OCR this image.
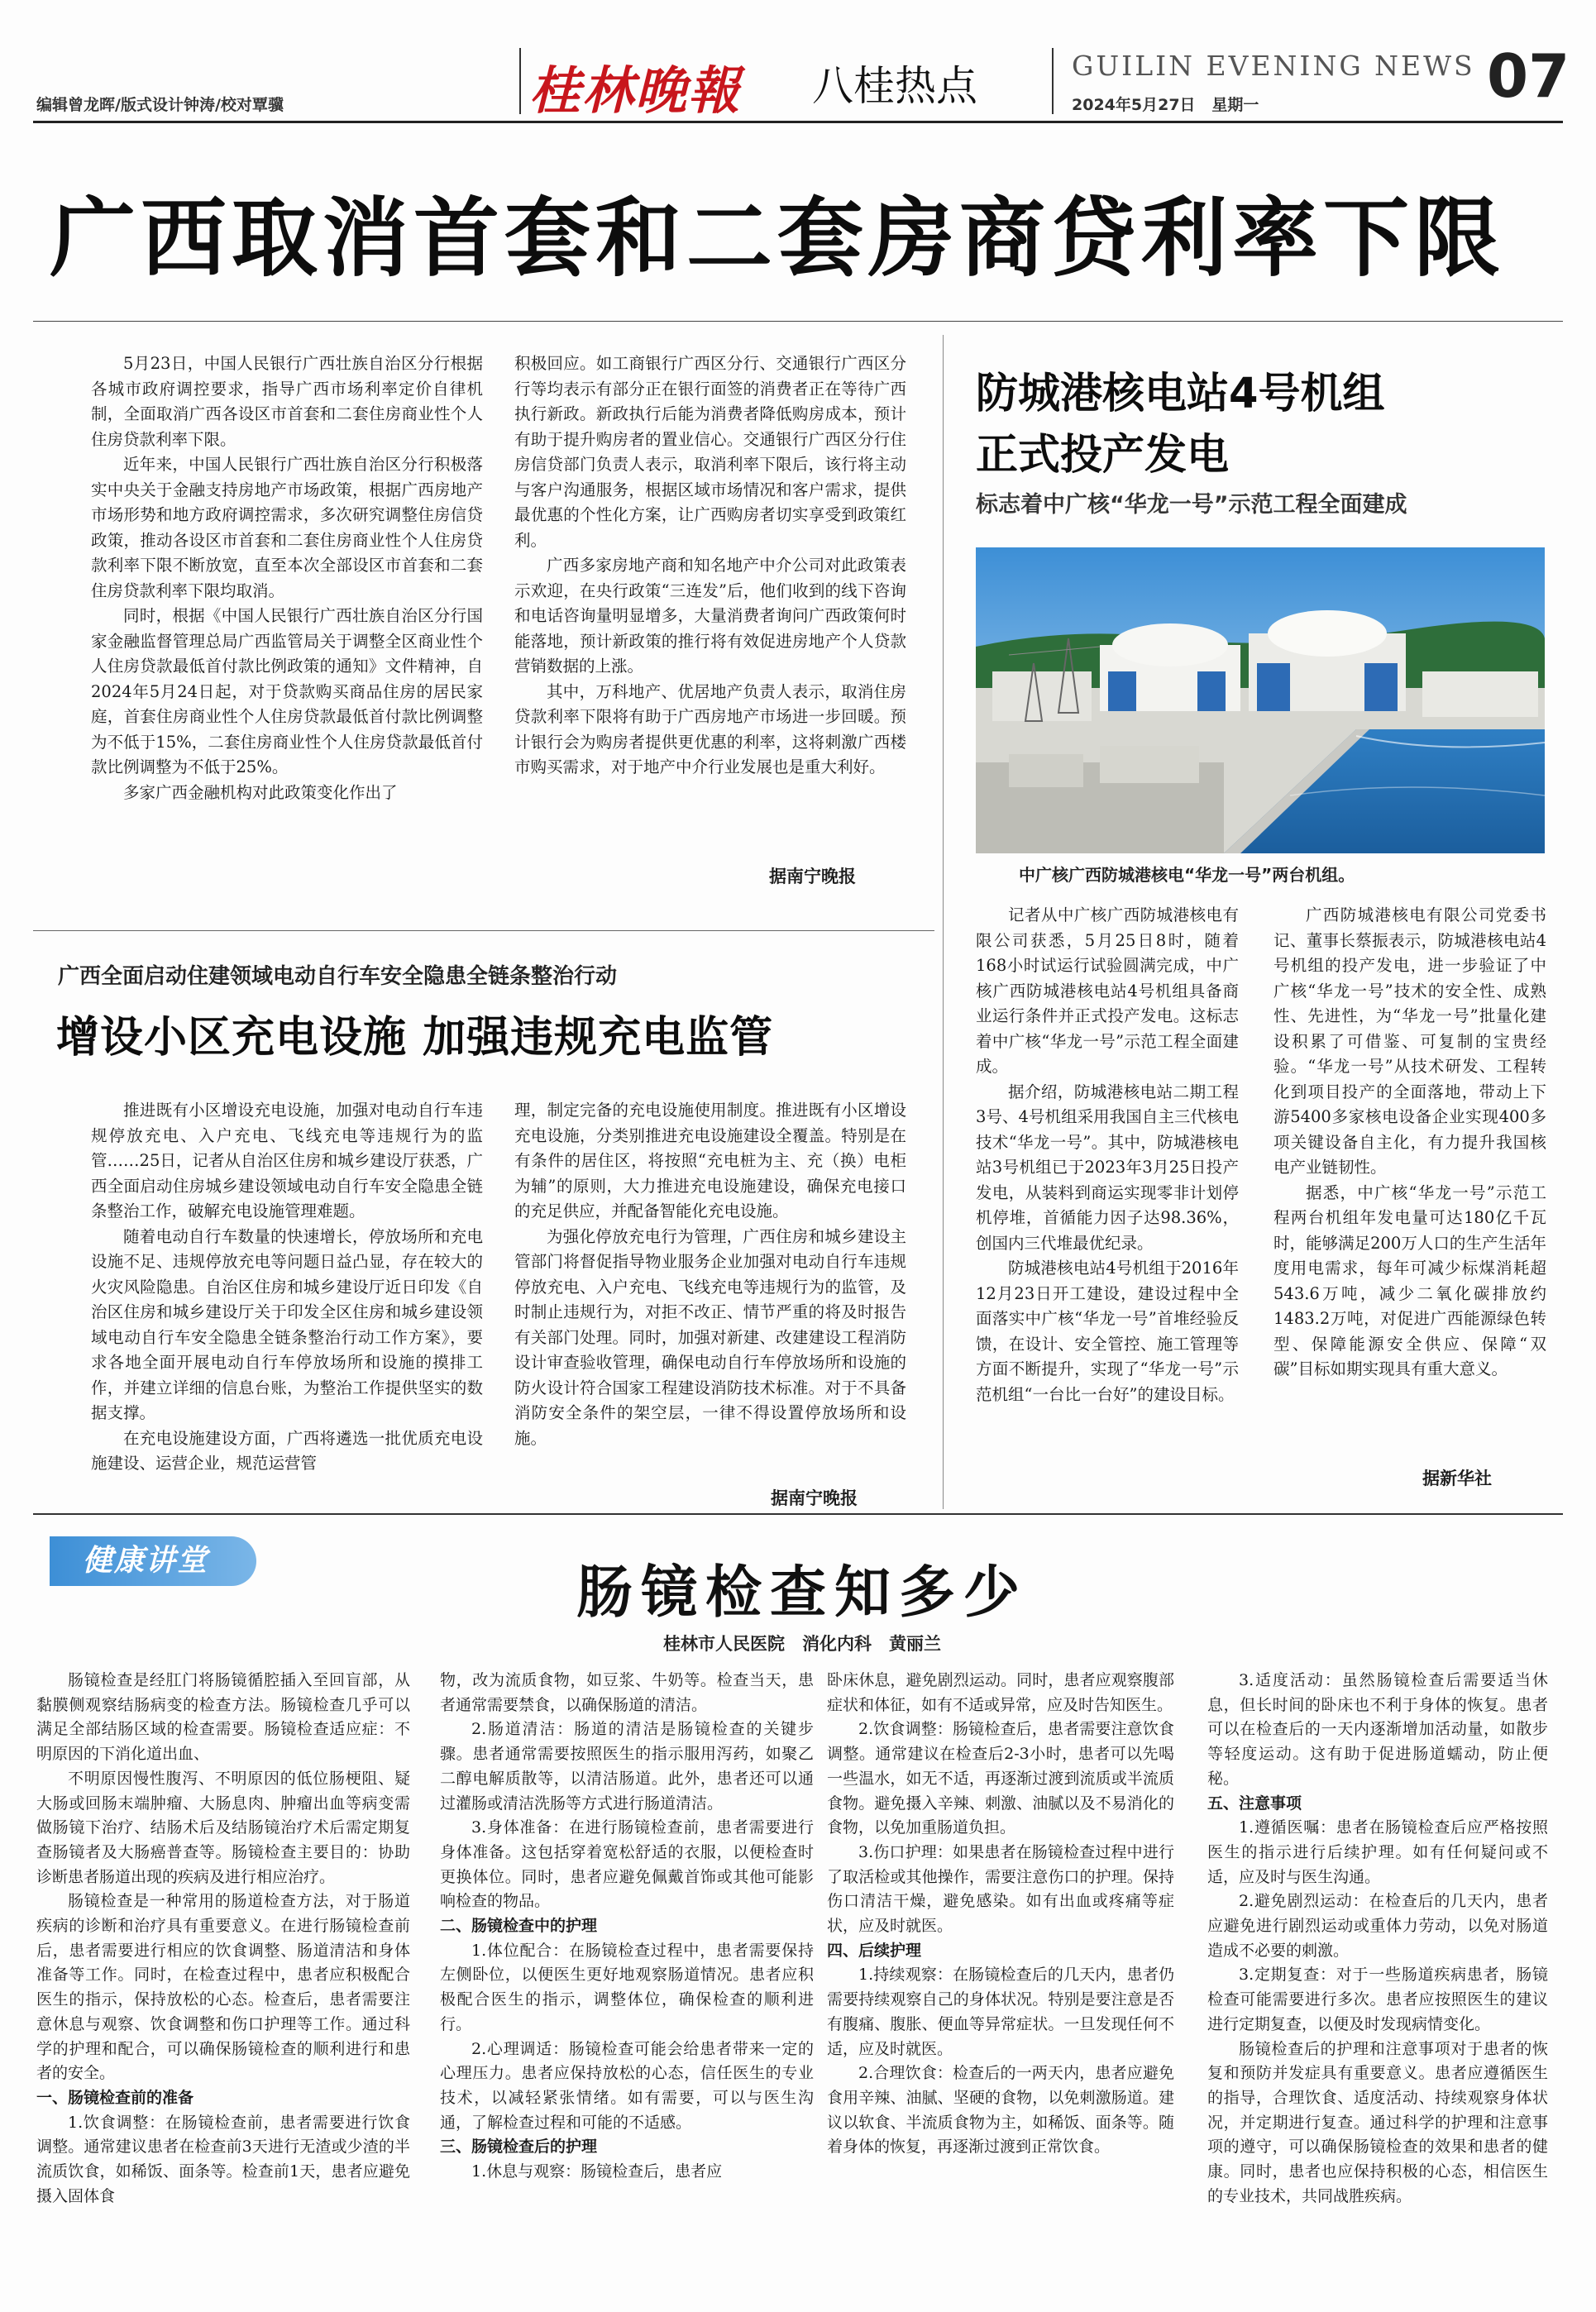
编辑曾龙晖/版式设计钟涛/校对覃骥	桂林晚報 八桂热点	GUILIN EVENING NEWS
2024年5月27日 星期一	07
广西取消首套和二套房商贷利率下限

5月23日，中国人民银行广西壮族自治区分行根据各城市政府调控要求，指导广西市场利率定价自律机制，全面取消广西各设区市首套和二套住房商业性个人住房贷款利率下限。

近年来，中国人民银行广西壮族自治区分行积极落实中央关于金融支持房地产市场政策，根据广西房地产市场形势和地方政府调控需求，多次研究调整住房信贷政策，推动各设区市首套和二套住房商业性个人住房贷款利率下限不断放宽，直至本次全部设区市首套和二套住房贷款利率下限均取消。

同时，根据《中国人民银行广西壮族自治区分行国家金融监督管理总局广西监管局关于调整全区商业性个人住房贷款最低首付款比例政策的通知》文件精神，自2024年5月24日起，对于贷款购买商品住房的居民家庭，首套住房商业性个人住房贷款最低首付款比例调整为不低于15%，二套住房商业性个人住房贷款最低首付款比例调整为不低于25%。

多家广西金融机构对此政策变化作出了

积极回应。如工商银行广西区分行、交通银行广西区分行等均表示有部分正在银行面签的消费者正在等待广西执行新政。新政执行后能为消费者降低购房成本，预计有助于提升购房者的置业信心。交通银行广西区分行住房信贷部门负责人表示，取消利率下限后，该行将主动与客户沟通服务，根据区域市场情况和客户需求，提供最优惠的个性化方案，让广西购房者切实享受到政策红利。

广西多家房地产商和知名地产中介公司对此政策表示欢迎，在央行政策“三连发”后，他们收到的线下咨询和电话咨询量明显增多，大量消费者询问广西政策何时能落地，预计新政策的推行将有效促进房地产个人贷款营销数据的上涨。

其中，万科地产、优居地产负责人表示，取消住房贷款利率下限将有助于广西房地产市场进一步回暖。预计银行会为购房者提供更优惠的利率，这将刺激广西楼市购买需求，对于地产中介行业发展也是重大利好。

据南宁晚报
广西全面启动住建领域电动自行车安全隐患全链条整治行动
增设小区充电设施 加强违规充电监管

推进既有小区增设充电设施，加强对电动自行车违规停放充电、入户充电、飞线充电等违规行为的监管……25日，记者从自治区住房和城乡建设厅获悉，广西全面启动住房城乡建设领域电动自行车安全隐患全链条整治工作，破解充电设施管理难题。

随着电动自行车数量的快速增长，停放场所和充电设施不足、违规停放充电等问题日益凸显，存在较大的火灾风险隐患。自治区住房和城乡建设厅近日印发《自治区住房和城乡建设厅关于印发全区住房和城乡建设领域电动自行车安全隐患全链条整治行动工作方案》，要求各地全面开展电动自行车停放场所和设施的摸排工作，并建立详细的信息台账，为整治工作提供坚实的数据支撑。

在充电设施建设方面，广西将遴选一批优质充电设施建设、运营企业，规范运营管

理，制定完备的充电设施使用制度。推进既有小区增设充电设施，分类别推进充电设施建设全覆盖。特别是在有条件的居住区，将按照“充电桩为主、充（换）电柜为辅”的原则，大力推进充电设施建设，确保充电接口的充足供应，并配备智能化充电设施。

为强化停放充电行为管理，广西住房和城乡建设主管部门将督促指导物业服务企业加强对电动自行车违规停放充电、入户充电、飞线充电等违规行为的监管，及时制止违规行为，对拒不改正、情节严重的将及时报告有关部门处理。同时，加强对新建、改建建设工程消防设计审查验收管理，确保电动自行车停放场所和设施的防火设计符合国家工程建设消防技术标准。对于不具备消防安全条件的架空层，一律不得设置停放场所和设施。

据南宁晚报
防城港核电站4号机组
正式投产发电
标志着中广核“华龙一号”示范工程全面建成
中广核广西防城港核电“华龙一号”两台机组。

记者从中广核广西防城港核电有限公司获悉，5月25日8时，随着168小时试运行试验圆满完成，中广核广西防城港核电站4号机组具备商业运行条件并正式投产发电。这标志着中广核“华龙一号”示范工程全面建成。

据介绍，防城港核电站二期工程3号、4号机组采用我国自主三代核电技术“华龙一号”。其中，防城港核电站3号机组已于2023年3月25日投产发电，从装料到商运实现零非计划停机停堆，首循能力因子达98.36%，创国内三代堆最优纪录。

防城港核电站4号机组于2016年12月23日开工建设，建设过程中全面落实中广核“华龙一号”首堆经验反馈，在设计、安全管控、施工管理等方面不断提升，实现了“华龙一号”示范机组“一台比一台好”的建设目标。

广西防城港核电有限公司党委书记、董事长蔡振表示，防城港核电站4号机组的投产发电，进一步验证了中广核“华龙一号”技术的安全性、成熟性、先进性，为“华龙一号”批量化建设积累了可借鉴、可复制的宝贵经验。“华龙一号”从技术研发、工程转化到项目投产的全面落地，带动上下游5400多家核电设备企业实现400多项关键设备自主化，有力提升我国核电产业链韧性。

据悉，中广核“华龙一号”示范工程两台机组年发电量可达180亿千瓦时，能够满足200万人口的生产生活年度用电需求，每年可减少标煤消耗超543.6万吨，减少二氧化碳排放约1483.2万吨，对促进广西能源绿色转型、保障能源安全供应、保障“双碳”目标如期实现具有重大意义。

据新华社
健康讲堂	肠镜检查知多少
桂林市人民医院　消化内科　黄丽兰

肠镜检查是经肛门将肠镜循腔插入至回盲部，从黏膜侧观察结肠病变的检查方法。肠镜检查几乎可以满足全部结肠区域的检查需要。肠镜检查适应症：不明原因的下消化道出血、

不明原因慢性腹泻、不明原因的低位肠梗阻、疑大肠或回肠末端肿瘤、大肠息肉、肿瘤出血等病变需做肠镜下治疗、结肠术后及结肠镜治疗术后需定期复查肠镜者及大肠癌普查等。肠镜检查主要目的：协助诊断患者肠道出现的疾病及进行相应治疗。

肠镜检查是一种常用的肠道检查方法，对于肠道疾病的诊断和治疗具有重要意义。在进行肠镜检查前后，患者需要进行相应的饮食调整、肠道清洁和身体准备等工作。同时，在检查过程中，患者应积极配合医生的指示，保持放松的心态。检查后，患者需要注意休息与观察、饮食调整和伤口护理等工作。通过科学的护理和配合，可以确保肠镜检查的顺利进行和患者的安全。

一、肠镜检查前的准备

1.饮食调整：在肠镜检查前，患者需要进行饮食调整。通常建议患者在检查前3天进行无渣或少渣的半流质饮食，如稀饭、面条等。检查前1天，患者应避免摄入固体食

物，改为流质食物，如豆浆、牛奶等。检查当天，患者通常需要禁食，以确保肠道的清洁。

2.肠道清洁：肠道的清洁是肠镜检查的关键步骤。患者通常需要按照医生的指示服用泻药，如聚乙二醇电解质散等，以清洁肠道。此外，患者还可以通过灌肠或清洁洗肠等方式进行肠道清洁。

3.身体准备：在进行肠镜检查前，患者需要进行身体准备。这包括穿着宽松舒适的衣服，以便检查时更换体位。同时，患者应避免佩戴首饰或其他可能影响检查的物品。

二、肠镜检查中的护理

1.体位配合：在肠镜检查过程中，患者需要保持左侧卧位，以便医生更好地观察肠道情况。患者应积极配合医生的指示，调整体位，确保检查的顺利进行。

2.心理调适：肠镜检查可能会给患者带来一定的心理压力。患者应保持放松的心态，信任医生的专业技术，以减轻紧张情绪。如有需要，可以与医生沟通，了解检查过程和可能的不适感。

三、肠镜检查后的护理

1.休息与观察：肠镜检查后，患者应

卧床休息，避免剧烈运动。同时，患者应观察腹部症状和体征，如有不适或异常，应及时告知医生。

2.饮食调整：肠镜检查后，患者需要注意饮食调整。通常建议在检查后2-3小时，患者可以先喝一些温水，如无不适，再逐渐过渡到流质或半流质食物。避免摄入辛辣、刺激、油腻以及不易消化的食物，以免加重肠道负担。

3.伤口护理：如果患者在肠镜检查过程中进行了取活检或其他操作，需要注意伤口的护理。保持伤口清洁干燥，避免感染。如有出血或疼痛等症状，应及时就医。

四、后续护理

1.持续观察：在肠镜检查后的几天内，患者仍需要持续观察自己的身体状况。特别是要注意是否有腹痛、腹胀、便血等异常症状。一旦发现任何不适，应及时就医。

2.合理饮食：检查后的一两天内，患者应避免食用辛辣、油腻、坚硬的食物，以免刺激肠道。建议以软食、半流质食物为主，如稀饭、面条等。随着身体的恢复，再逐渐过渡到正常饮食。

3.适度活动：虽然肠镜检查后需要适当休息，但长时间的卧床也不利于身体的恢复。患者可以在检查后的一天内逐渐增加活动量，如散步等轻度运动。这有助于促进肠道蠕动，防止便秘。

五、注意事项

1.遵循医嘱：患者在肠镜检查后应严格按照医生的指示进行后续护理。如有任何疑问或不适，应及时与医生沟通。

2.避免剧烈运动：在检查后的几天内，患者应避免进行剧烈运动或重体力劳动，以免对肠道造成不必要的刺激。

3.定期复查：对于一些肠道疾病患者，肠镜检查可能需要进行多次。患者应按照医生的建议进行定期复查，以便及时发现病情变化。

肠镜检查后的护理和注意事项对于患者的恢复和预防并发症具有重要意义。患者应遵循医生的指导，合理饮食、适度活动、持续观察身体状况，并定期进行复查。通过科学的护理和注意事项的遵守，可以确保肠镜检查的效果和患者的健康。同时，患者也应保持积极的心态，相信医生的专业技术，共同战胜疾病。
